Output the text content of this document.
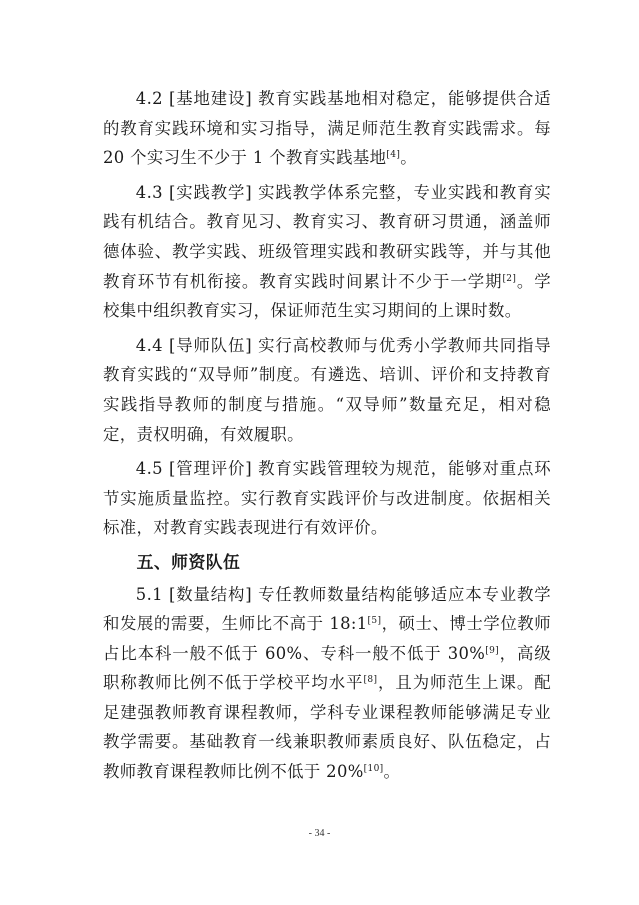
4.2 [基地建设] 教育实践基地相对稳定，能够提供合适的教育实践环境和实习指导，满足师范生教育实践需求。每 20 个实习生不少于 1 个教育实践基地[4]。

4.3 [实践教学] 实践教学体系完整，专业实践和教育实践有机结合。教育见习、教育实习、教育研习贯通，涵盖师德体验、教学实践、班级管理实践和教研实践等，并与其他教育环节有机衔接。教育实践时间累计不少于一学期[2]。学校集中组织教育实习，保证师范生实习期间的上课时数。

4.4 [导师队伍] 实行高校教师与优秀小学教师共同指导教育实践的“双导师”制度。有遴选、培训、评价和支持教育实践指导教师的制度与措施。“双导师”数量充足，相对稳定，责权明确，有效履职。

4.5 [管理评价] 教育实践管理较为规范，能够对重点环节实施质量监控。实行教育实践评价与改进制度。依据相关标准，对教育实践表现进行有效评价。

五、师资队伍

5.1 [数量结构] 专任教师数量结构能够适应本专业教学和发展的需要，生师比不高于 18:1[5]，硕士、博士学位教师占比本科一般不低于 60%、专科一般不低于 30%[9]，高级职称教师比例不低于学校平均水平[8]，且为师范生上课。配足建强教师教育课程教师，学科专业课程教师能够满足专业教学需要。基础教育一线兼职教师素质良好、队伍稳定，占教师教育课程教师比例不低于 20%[10]。

- 34 -
